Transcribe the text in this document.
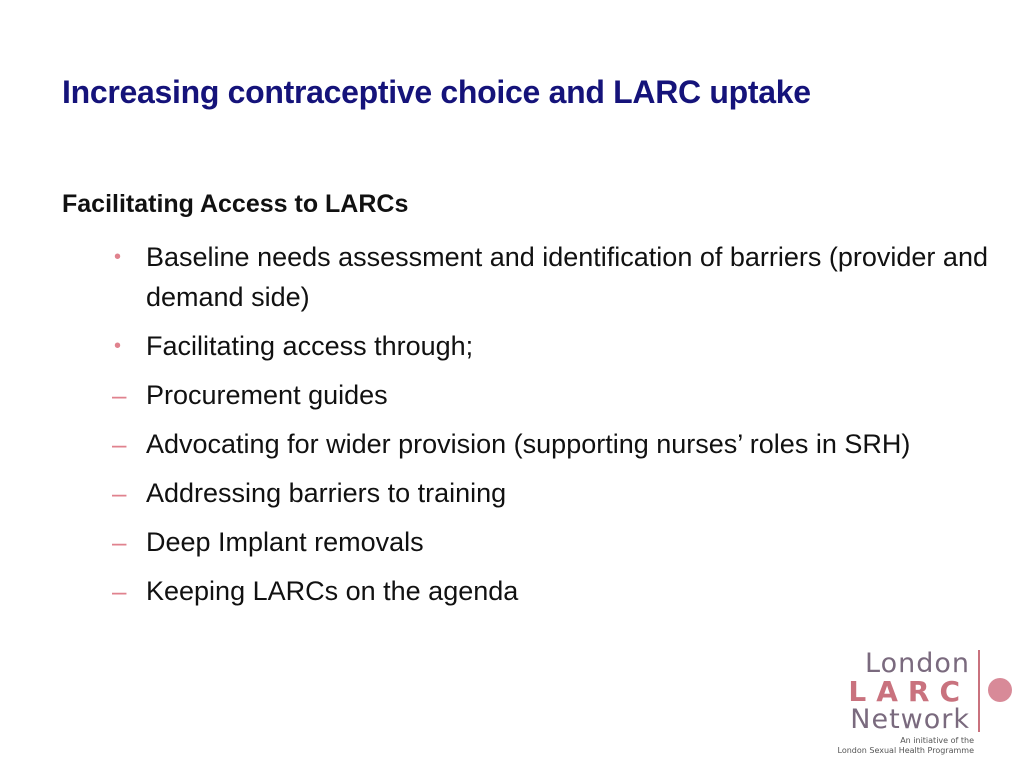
Increasing contraceptive choice and LARC uptake
Facilitating Access to LARCs
• Baseline needs assessment and identification of barriers (provider and demand side)
• Facilitating access through;
– Procurement guides
– Advocating for wider provision (supporting nurses’ roles in SRH)
– Addressing barriers to training
– Deep Implant removals
– Keeping LARCs on the agenda
London
LARC
Network
An initiative of the
London Sexual Health Programme
